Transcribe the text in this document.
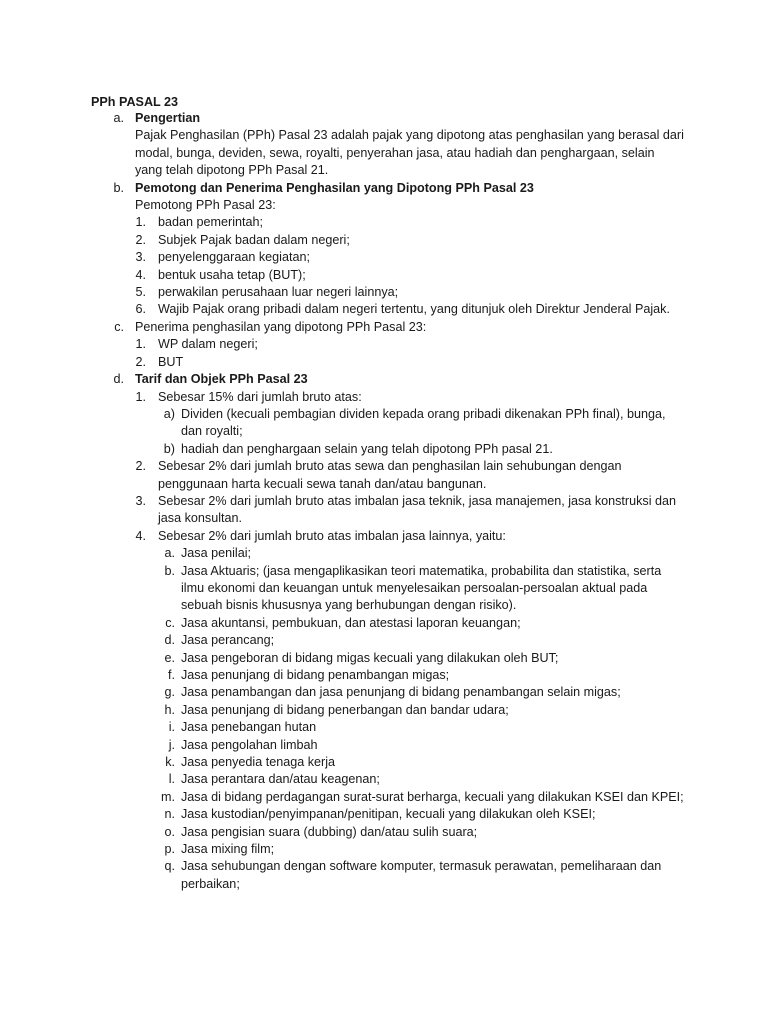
PPh PASAL 23
a. Pengertian
Pajak Penghasilan (PPh) Pasal 23 adalah pajak yang dipotong atas penghasilan yang berasal dari
modal, bunga, deviden, sewa, royalti, penyerahan jasa, atau hadiah dan penghargaan, selain
yang telah dipotong PPh Pasal 21.
b. Pemotong dan Penerima Penghasilan yang Dipotong PPh Pasal 23
Pemotong PPh Pasal 23:
1. badan pemerintah;
2. Subjek Pajak badan dalam negeri;
3. penyelenggaraan kegiatan;
4. bentuk usaha tetap (BUT);
5. perwakilan perusahaan luar negeri lainnya;
6. Wajib Pajak orang pribadi dalam negeri tertentu, yang ditunjuk oleh Direktur Jenderal Pajak.
c. Penerima penghasilan yang dipotong PPh Pasal 23:
1. WP dalam negeri;
2. BUT
d. Tarif dan Objek PPh Pasal 23
1. Sebesar 15% dari jumlah bruto atas:
a) Dividen (kecuali pembagian dividen kepada orang pribadi dikenakan PPh final), bunga,
dan royalti;
b) hadiah dan penghargaan selain yang telah dipotong PPh pasal 21.
2. Sebesar 2% dari jumlah bruto atas sewa dan penghasilan lain sehubungan dengan
penggunaan harta kecuali sewa tanah dan/atau bangunan.
3. Sebesar 2% dari jumlah bruto atas imbalan jasa teknik, jasa manajemen, jasa konstruksi dan
jasa konsultan.
4. Sebesar 2% dari jumlah bruto atas imbalan jasa lainnya, yaitu:
a. Jasa penilai;
b. Jasa Aktuaris; (jasa mengaplikasikan teori matematika, probabilita dan statistika, serta
ilmu ekonomi dan keuangan untuk menyelesaikan persoalan-persoalan aktual pada
sebuah bisnis khususnya yang berhubungan dengan risiko).
c. Jasa akuntansi, pembukuan, dan atestasi laporan keuangan;
d. Jasa perancang;
e. Jasa pengeboran di bidang migas kecuali yang dilakukan oleh BUT;
f. Jasa penunjang di bidang penambangan migas;
g. Jasa penambangan dan jasa penunjang di bidang penambangan selain migas;
h. Jasa penunjang di bidang penerbangan dan bandar udara;
i. Jasa penebangan hutan
j. Jasa pengolahan limbah
k. Jasa penyedia tenaga kerja
l. Jasa perantara dan/atau keagenan;
m. Jasa di bidang perdagangan surat-surat berharga, kecuali yang dilakukan KSEI dan KPEI;
n. Jasa kustodian/penyimpanan/penitipan, kecuali yang dilakukan oleh KSEI;
o. Jasa pengisian suara (dubbing) dan/atau sulih suara;
p. Jasa mixing film;
q. Jasa sehubungan dengan software komputer, termasuk perawatan, pemeliharaan dan
perbaikan;
